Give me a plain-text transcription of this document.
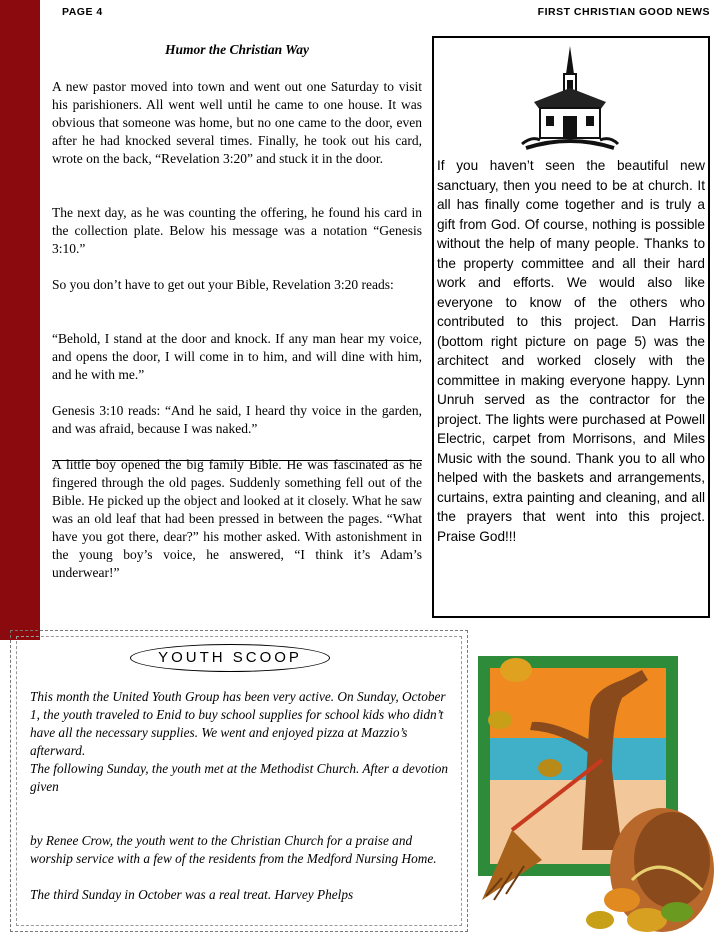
PAGE 4	FIRST CHRISTIAN GOOD NEWS
Humor the Christian Way

A new pastor moved into town and went out one Saturday to visit his parishioners. All went well until he came to one house. It was obvious that someone was home, but no one came to the door, even after he had knocked several times. Finally, he took out his card, wrote on the back, “Revelation 3:20” and stuck it in the door.

The next day, as he was counting the offering, he found his card in the collection plate. Below his message was a notation “Genesis 3:10.”

So you don’t have to get out your Bible, Revelation 3:20 reads:

“Behold, I stand at the door and knock. If any man hear my voice, and opens the door, I will come in to him, and will dine with him, and he with me.”

Genesis 3:10 reads: “And he said, I heard thy voice in the garden, and was afraid, because I was naked.”

A little boy opened the big family Bible. He was fascinated as he fingered through the old pages. Suddenly something fell out of the Bible. He picked up the object and looked at it closely. What he saw was an old leaf that had been pressed in between the pages. “What have you got there, dear?” his mother asked. With astonishment in the young boy’s voice, he answered, “I think it’s Adam’s underwear!”

If you haven’t seen the beautiful new sanctuary, then you need to be at church. It all has finally come together and is truly a gift from God. Of course, nothing is possible without the help of many people. Thanks to the property committee and all their hard work and efforts. We would also like everyone to know of the others who contributed to this project. Dan Harris (bottom right picture on page 5) was the architect and worked closely with the committee in making everyone happy. Lynn Unruh served as the contractor for the project. The lights were purchased at Powell Electric, carpet from Morrisons, and Miles Music with the sound. Thank you to all who helped with the baskets and arrangements, curtains, extra painting and cleaning, and all the prayers that went into this project. Praise God!!!
YOUTH SCOOP
This month the United Youth Group has been very active. On Sunday, October 1, the youth traveled to Enid to buy school supplies for school kids who didn’t have all the necessary supplies. We went and enjoyed pizza at Mazzio’s afterward.
The following Sunday, the youth met at the Methodist Church. After a devotion given
by Renee Crow, the youth went to the Christian Church for a praise and worship service with a few of the residents from the Medford Nursing Home.
The third Sunday in October was a real treat. Harvey Phelps
